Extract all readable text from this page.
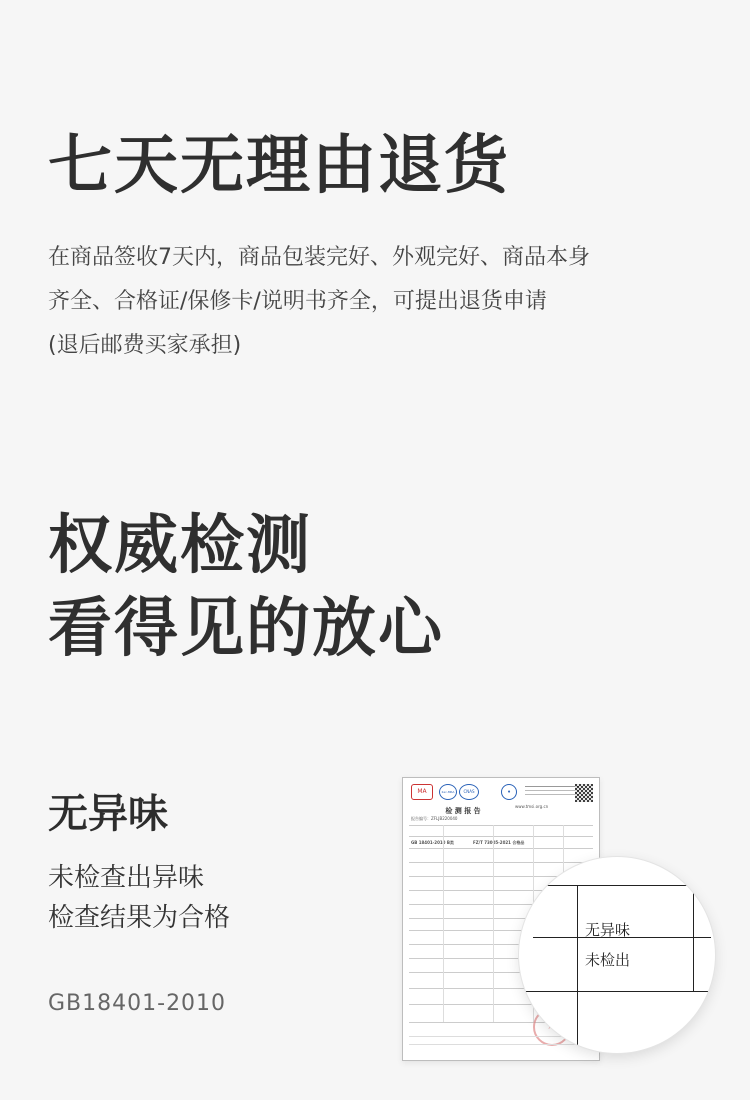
七天无理由退货
在商品签收7天内，商品包装完好、外观完好、商品本身
齐全、合格证/保修卡/说明书齐全，可提出退货申请
(退后邮费买家承担)
权威检测
看得见的放心
无异味
未检查出异味
检查结果为合格
GB18401-2010
MA	ilac-MRA	CNAS	♦
检 测 报 告
报告编号：ZFLJB220040
www.tmsi.org.cn
GB 18401-2010 B类	FZ/T 73005-2021 合格品
★
无异味
未检出
